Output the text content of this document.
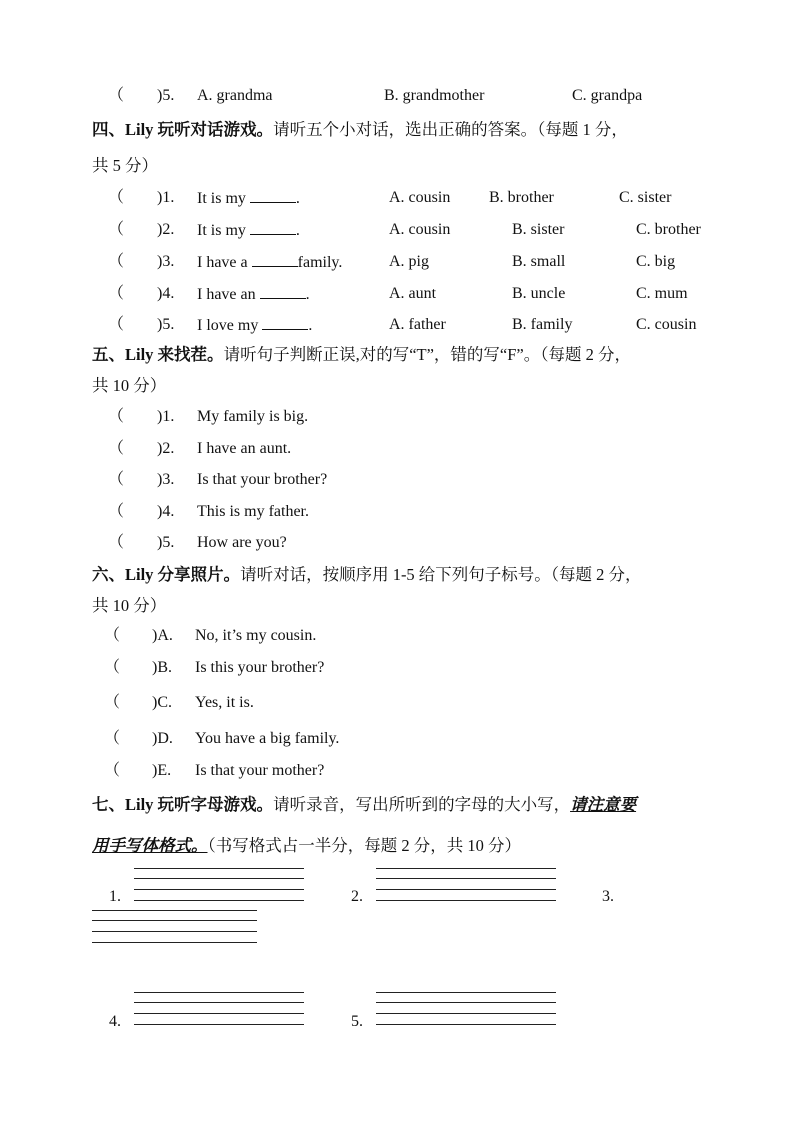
（ )5. A. grandma	B. grandmother	C. grandpa
四、Lily 玩听对话游戏。请听五个小对话，选出正确的答案。（每题 1 分，
共 5 分）
（ )1. It is my	.	A. cousin B. brother	C. sister
（ )2. It is my	.	A. cousin	B. sister	C. brother
（ )3. I have a	family.	A. pig	B. small	C. big
（ )4. I have an	.	A. aunt	B. uncle	C. mum
（ )5. I love my	.	A. father	B. family	C. cousin
五、Lily 来找茬。请听句子判断正误,对的写“T”，错的写“F”。（每题 2 分，
共 10 分）
（ )1. My family is big.
（ )2. I have an aunt.
（ )3. Is that your brother?
（ )4. This is my father.
（ )5. How are you?
六、Lily 分享照片。请听对话，按顺序用 1-5 给下列句子标号。（每题 2 分，
共 10 分）
（ )A. No, it’s my cousin.
（ )B. Is this your brother?
（ )C. Yes, it is.
（ )D. You have a big family.
（ )E. Is that your mother?
七、Lily 玩听字母游戏。请听录音，写出所听到的字母的大小写，请注意要
用手写体格式。（书写格式占一半分，每题 2 分，共 10 分）
1.	2.	3.
4.	5.
